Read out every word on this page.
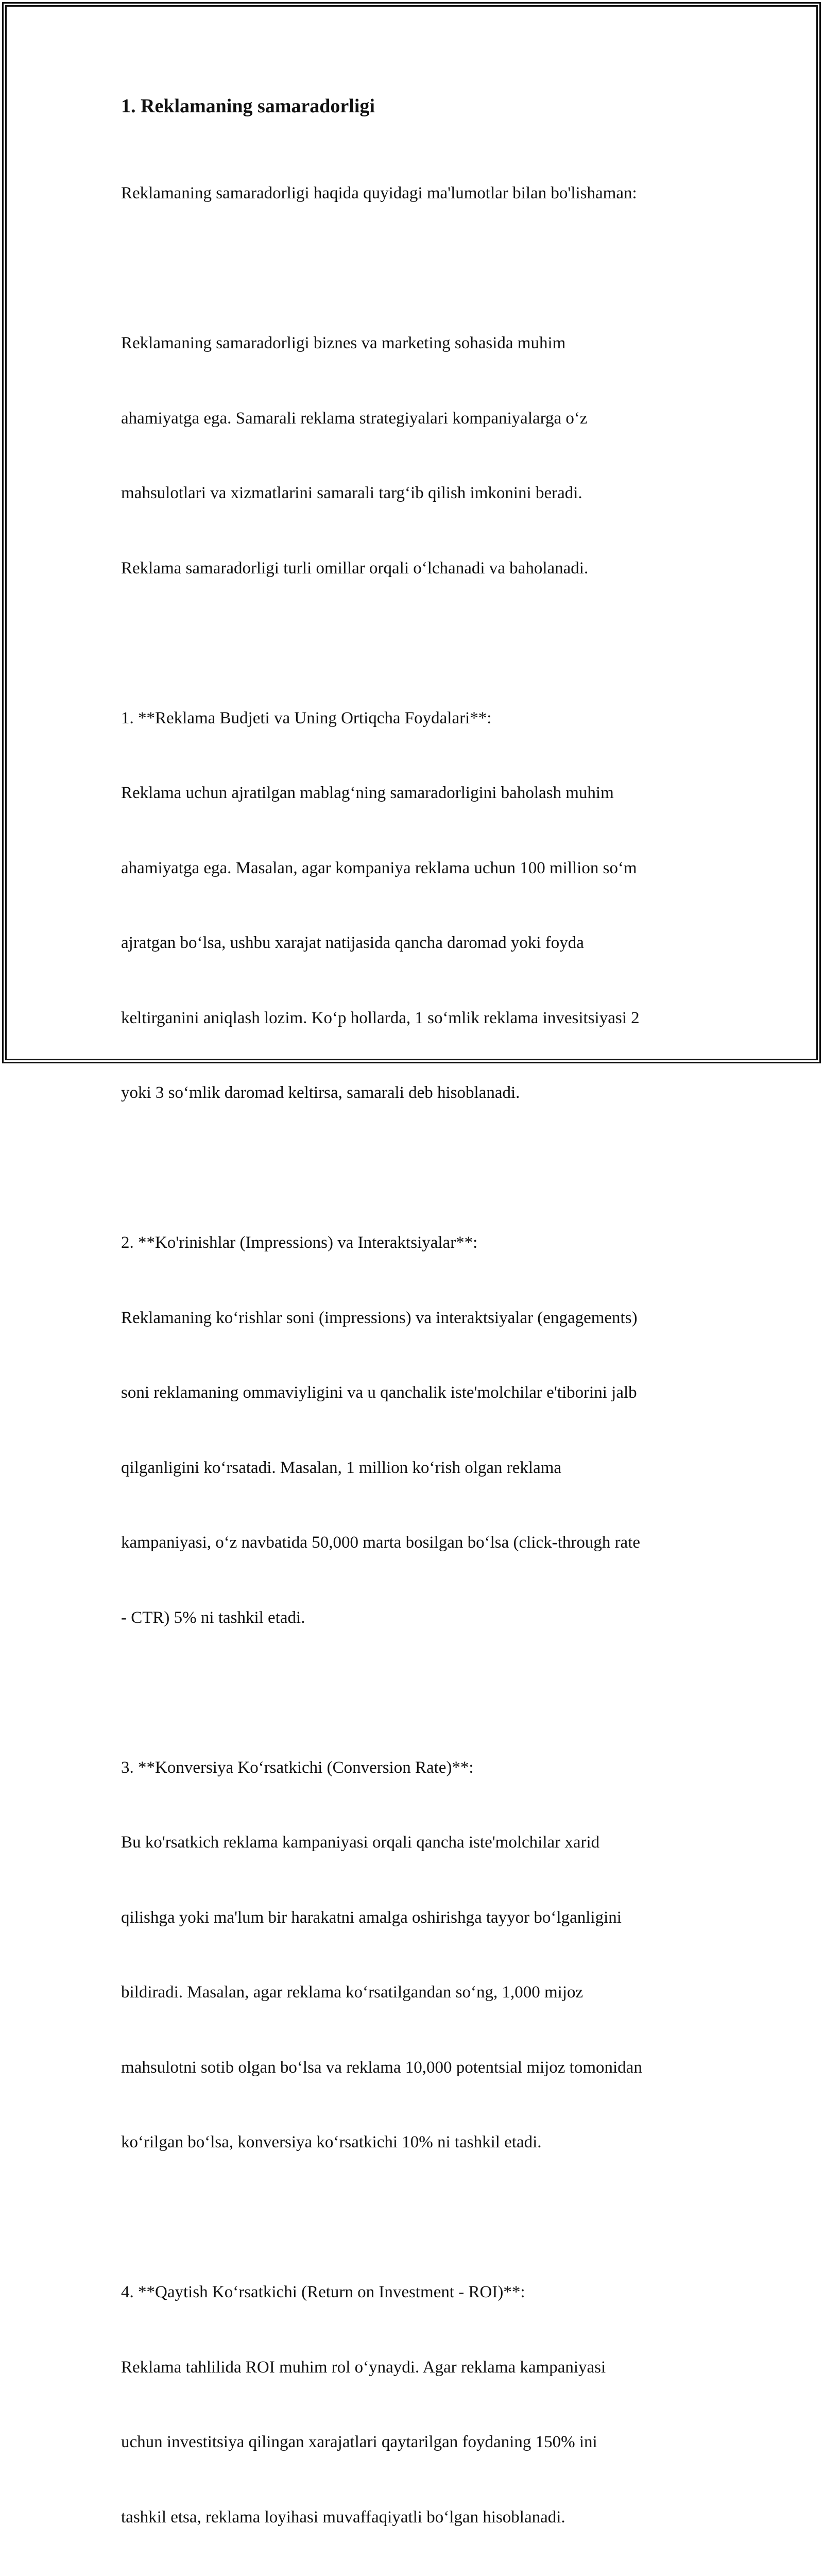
1. Reklamaning samaradorligi

Reklamaning samaradorligi haqida quyidagi ma'lumotlar bilan bo'lishaman:

Reklamaning samaradorligi biznes va marketing sohasida muhim

ahamiyatga ega. Samarali reklama strategiyalari kompaniyalarga o‘z

mahsulotlari va xizmatlarini samarali targ‘ib qilish imkonini beradi.

Reklama samaradorligi turli omillar orqali o‘lchanadi va baholanadi.

1. **Reklama Budjeti va Uning Ortiqcha Foydalari**:

Reklama uchun ajratilgan mablag‘ning samaradorligini baholash muhim

ahamiyatga ega. Masalan, agar kompaniya reklama uchun 100 million so‘m

ajratgan bo‘lsa, ushbu xarajat natijasida qancha daromad yoki foyda

keltirganini aniqlash lozim. Ko‘p hollarda, 1 so‘mlik reklama invesitsiyasi 2

yoki 3 so‘mlik daromad keltirsa, samarali deb hisoblanadi.

2. **Ko'rinishlar (Impressions) va Interaktsiyalar**:

Reklamaning ko‘rishlar soni (impressions) va interaktsiyalar (engagements)

soni reklamaning ommaviyligini va u qanchalik iste'molchilar e'tiborini jalb

qilganligini ko‘rsatadi. Masalan, 1 million ko‘rish olgan reklama

kampaniyasi, o‘z navbatida 50,000 marta bosilgan bo‘lsa (click-through rate

- CTR) 5% ni tashkil etadi.

3. **Konversiya Ko‘rsatkichi (Conversion Rate)**:

Bu ko'rsatkich reklama kampaniyasi orqali qancha iste'molchilar xarid

qilishga yoki ma'lum bir harakatni amalga oshirishga tayyor bo‘lganligini

bildiradi. Masalan, agar reklama ko‘rsatilgandan so‘ng, 1,000 mijoz

mahsulotni sotib olgan bo‘lsa va reklama 10,000 potentsial mijoz tomonidan

ko‘rilgan bo‘lsa, konversiya ko‘rsatkichi 10% ni tashkil etadi.

4. **Qaytish Ko‘rsatkichi (Return on Investment - ROI)**:

Reklama tahlilida ROI muhim rol o‘ynaydi. Agar reklama kampaniyasi

uchun investitsiya qilingan xarajatlari qaytarilgan foydaning 150% ini

tashkil etsa, reklama loyihasi muvaffaqiyatli bo‘lgan hisoblanadi.
